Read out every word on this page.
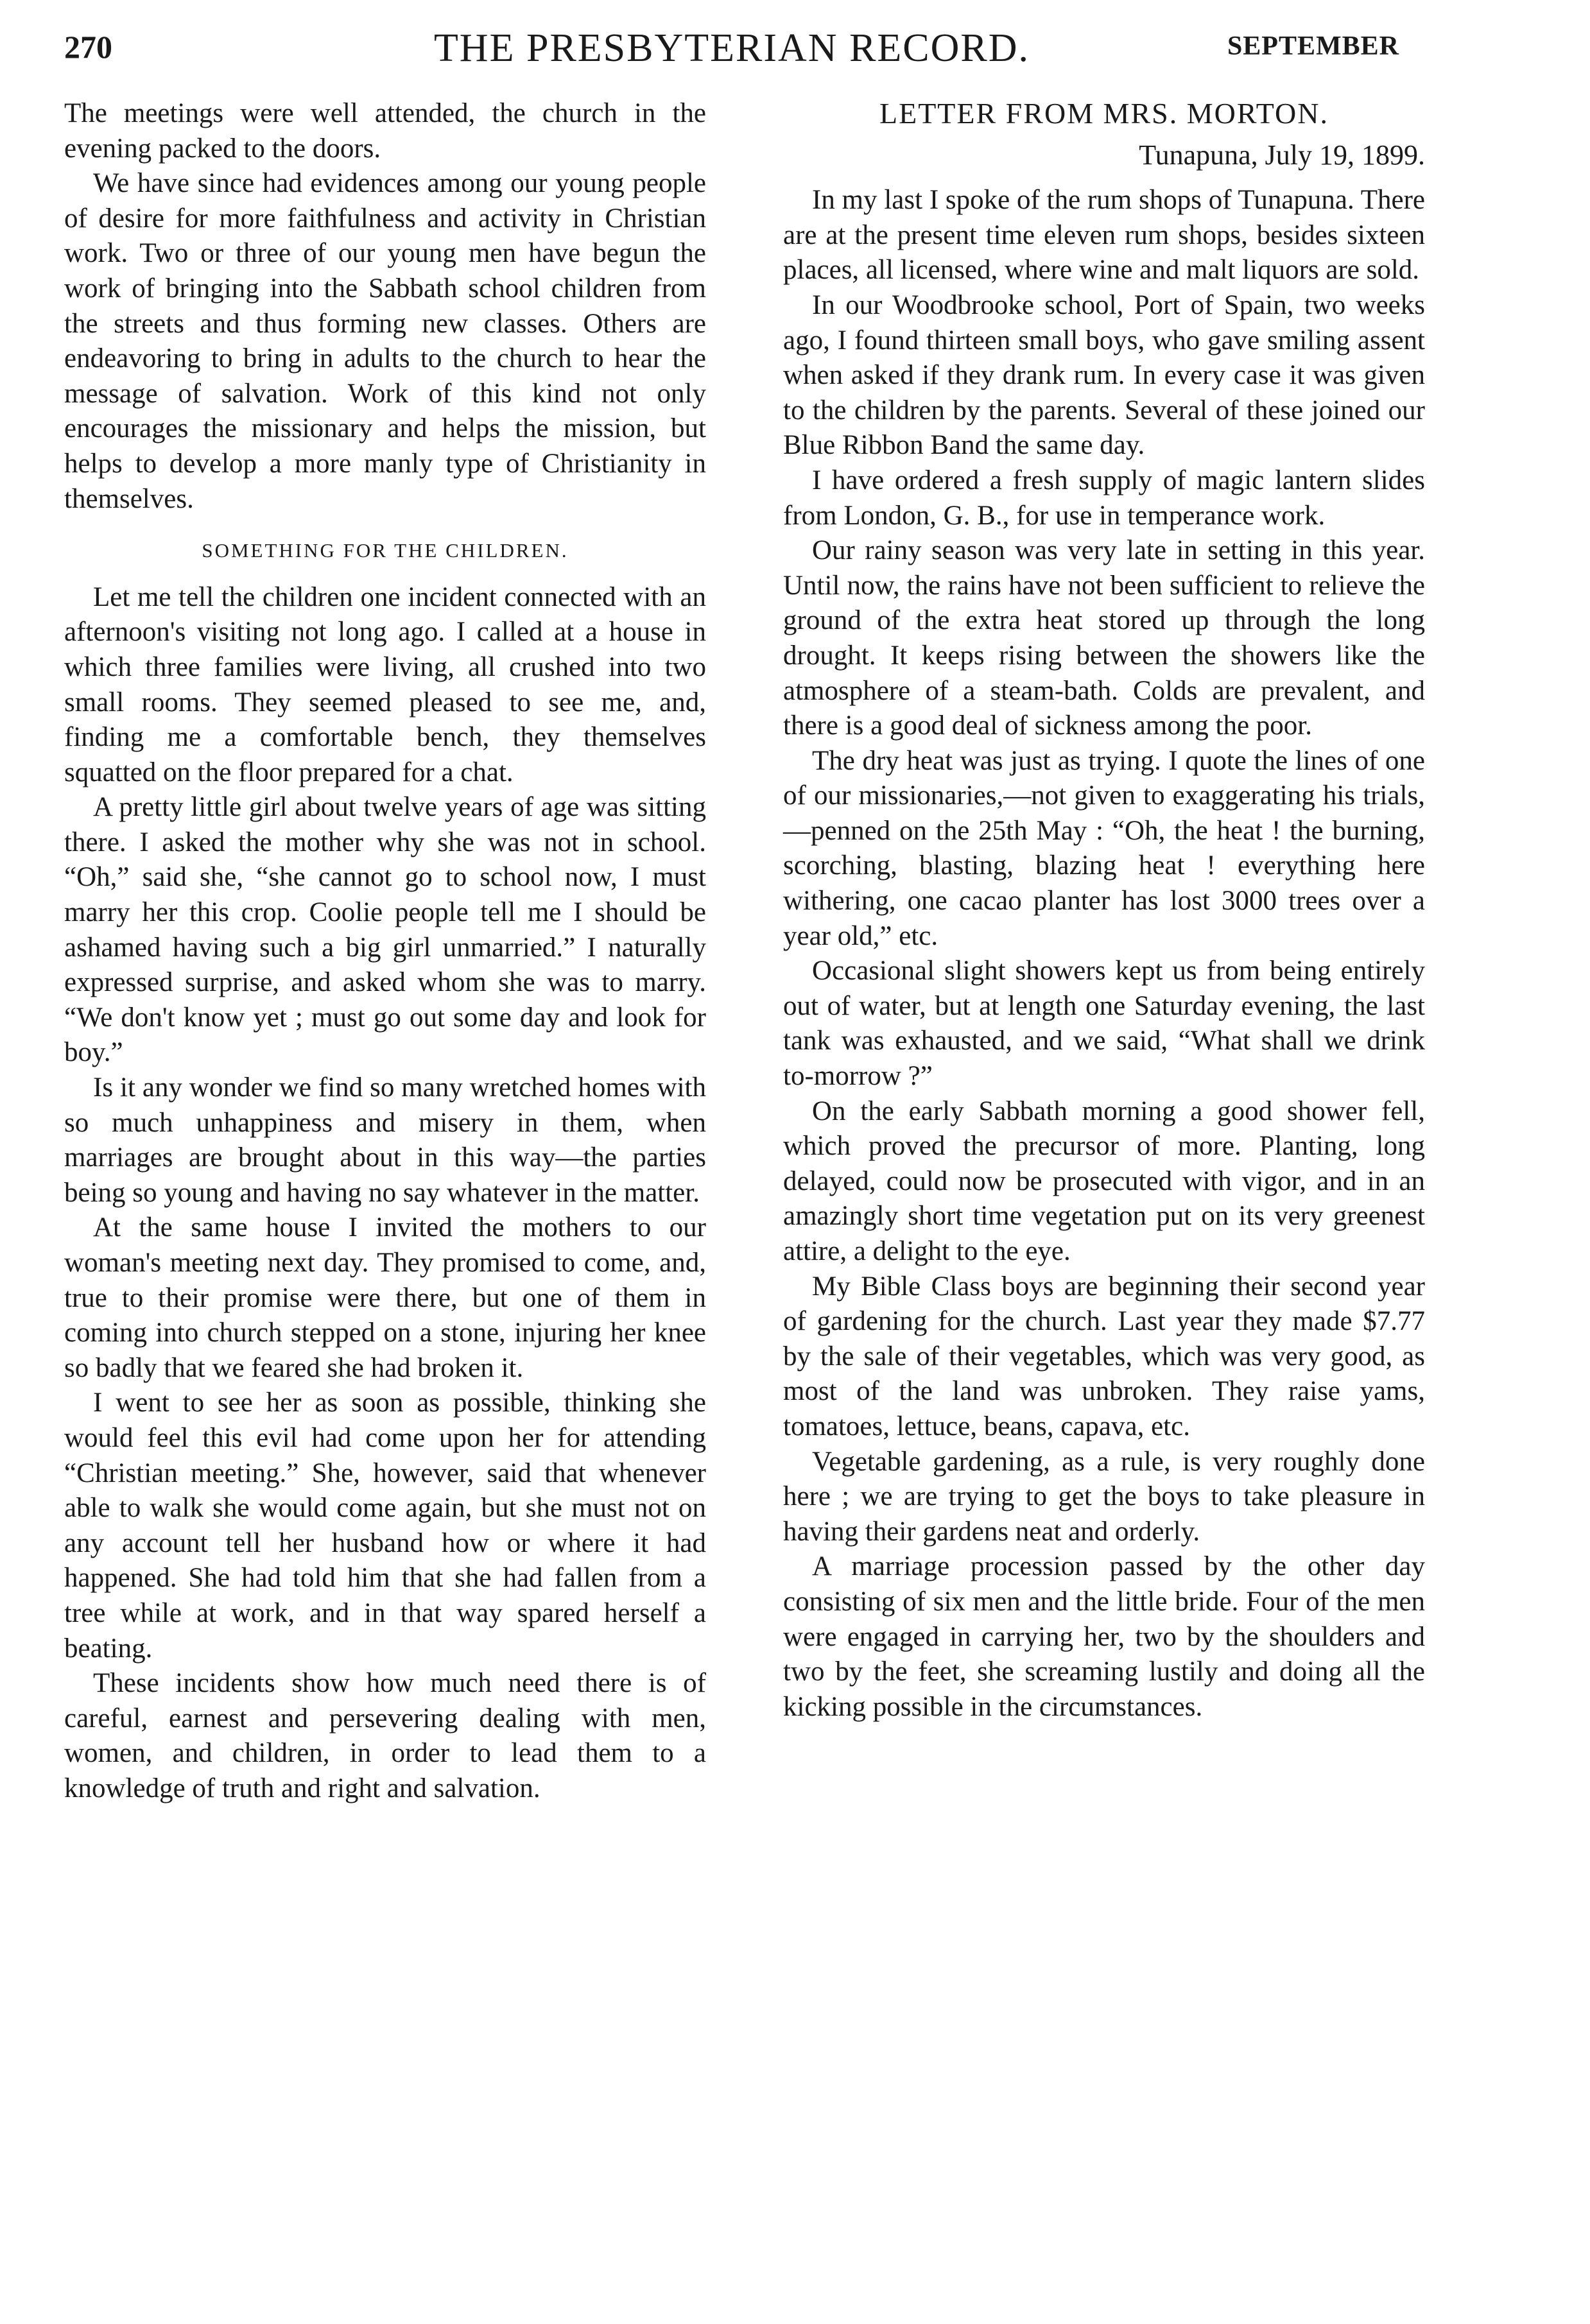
270	THE PRESBYTERIAN RECORD.	SEPTEMBER

The meetings were well attended, the church in the evening packed to the doors.

We have since had evidences among our young people of desire for more faithfulness and activity in Christian work. Two or three of our young men have begun the work of bringing into the Sabbath school children from the streets and thus forming new classes. Others are endeavoring to bring in adults to the church to hear the message of salvation. Work of this kind not only encourages the missionary and helps the mission, but helps to develop a more manly type of Christianity in themselves.

SOMETHING FOR THE CHILDREN.

Let me tell the children one incident connected with an afternoon's visiting not long ago. I called at a house in which three families were living, all crushed into two small rooms. They seemed pleased to see me, and, finding me a comfortable bench, they themselves squatted on the floor prepared for a chat.

A pretty little girl about twelve years of age was sitting there. I asked the mother why she was not in school. “Oh,” said she, “she cannot go to school now, I must marry her this crop. Coolie people tell me I should be ashamed having such a big girl unmarried.” I naturally expressed surprise, and asked whom she was to marry. “We don't know yet ; must go out some day and look for boy.”

Is it any wonder we find so many wretched homes with so much unhappiness and misery in them, when marriages are brought about in this way—the parties being so young and having no say whatever in the matter.

At the same house I invited the mothers to our woman's meeting next day. They promised to come, and, true to their promise were there, but one of them in coming into church stepped on a stone, injuring her knee so badly that we feared she had broken it.

I went to see her as soon as possible, thinking she would feel this evil had come upon her for attending “Christian meeting.” She, however, said that whenever able to walk she would come again, but she must not on any account tell her husband how or where it had happened. She had told him that she had fallen from a tree while at work, and in that way spared herself a beating.

These incidents show how much need there is of careful, earnest and persevering dealing with men, women, and children, in order to lead them to a knowledge of truth and right and salvation.

LETTER FROM MRS. MORTON.
Tunapuna, July 19, 1899.

In my last I spoke of the rum shops of Tunapuna. There are at the present time eleven rum shops, besides sixteen places, all licensed, where wine and malt liquors are sold.

In our Woodbrooke school, Port of Spain, two weeks ago, I found thirteen small boys, who gave smiling assent when asked if they drank rum. In every case it was given to the children by the parents. Several of these joined our Blue Ribbon Band the same day.

I have ordered a fresh supply of magic lantern slides from London, G. B., for use in temperance work.

Our rainy season was very late in setting in this year. Until now, the rains have not been sufficient to relieve the ground of the extra heat stored up through the long drought. It keeps rising between the showers like the atmosphere of a steam-bath. Colds are prevalent, and there is a good deal of sickness among the poor.

The dry heat was just as trying. I quote the lines of one of our missionaries,—not given to exaggerating his trials,—penned on the 25th May : “Oh, the heat ! the burning, scorching, blasting, blazing heat ! everything here withering, one cacao planter has lost 3000 trees over a year old,” etc.

Occasional slight showers kept us from being entirely out of water, but at length one Saturday evening, the last tank was exhausted, and we said, “What shall we drink to-morrow ?”

On the early Sabbath morning a good shower fell, which proved the precursor of more. Planting, long delayed, could now be prosecuted with vigor, and in an amazingly short time vegetation put on its very greenest attire, a delight to the eye.

My Bible Class boys are beginning their second year of gardening for the church. Last year they made $7.77 by the sale of their vegetables, which was very good, as most of the land was unbroken. They raise yams, tomatoes, lettuce, beans, capava, etc.

Vegetable gardening, as a rule, is very roughly done here ; we are trying to get the boys to take pleasure in having their gardens neat and orderly.

A marriage procession passed by the other day consisting of six men and the little bride. Four of the men were engaged in carrying her, two by the shoulders and two by the feet, she screaming lustily and doing all the kicking possible in the circumstances.
